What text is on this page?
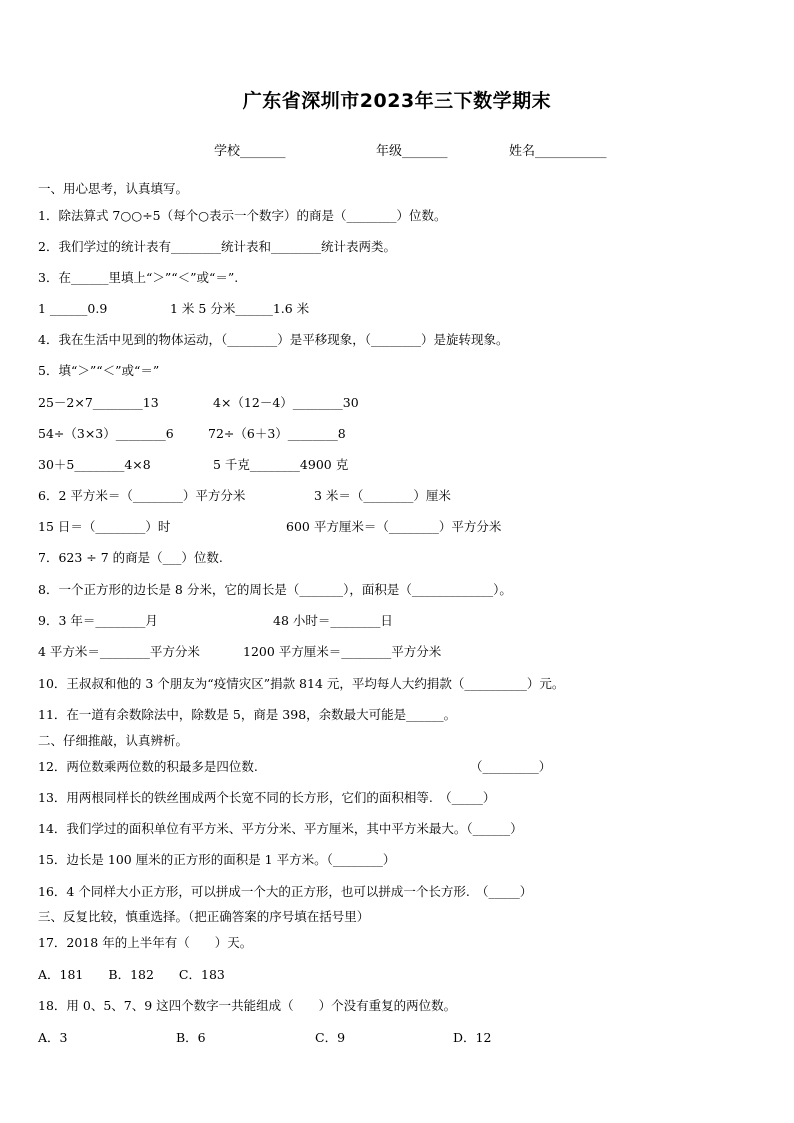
广东省深圳市2023年三下数学期末
学校_______	年级_______	姓名___________
一、用心思考，认真填写。
1．除法算式 7○○÷5（每个○表示一个数字）的商是（________）位数。
2．我们学过的统计表有________统计表和________统计表两类。
3．在______里填上“＞”“＜”或“＝”.
1 ______0.9	1 米 5 分米______1.6 米
4．我在生活中见到的物体运动，（________）是平移现象，（________）是旋转现象。
5．填“＞”“＜”或“＝”
25－2×7________13	4×（12－4）________30
54÷（3×3）________6	72÷（6＋3）________8
30＋5________4×8	5 千克________4900 克
6．2 平方米＝（________）平方分米	3 米＝（________）厘米
15 日＝（________）时	600 平方厘米＝（________）平方分米
7．623 ÷ 7 的商是（___）位数.
8．一个正方形的边长是 8 分米，它的周长是（_______），面积是（_____________）。
9．3 年＝________月	48 小时＝________日
4 平方米＝________平方分米	1200 平方厘米＝________平方分米
10．王叔叔和他的 3 个朋友为“疫情灾区”捐款 814 元，平均每人大约捐款（__________）元。
11．在一道有余数除法中，除数是 5，商是 398，余数最大可能是______。
二、仔细推敲，认真辨析。
12．两位数乘两位数的积最多是四位数.	（_________）
13．用两根同样长的铁丝围成两个长宽不同的长方形，它们的面积相等.　（_____）
14．我们学过的面积单位有平方米、平方分米、平方厘米，其中平方米最大。（______）
15．边长是 100 厘米的正方形的面积是 1 平方米。（________）
16．4 个同样大小正方形，可以拼成一个大的正方形，也可以拼成一个长方形.　（_____）
三、反复比较，慎重选择。（把正确答案的序号填在括号里）
17．2018 年的上半年有（　　）天。
A．181　　B．182　　C．183
18．用 0、5、7、9 这四个数字一共能组成（　　）个没有重复的两位数。
A．3	B．6	C．9	D．12
